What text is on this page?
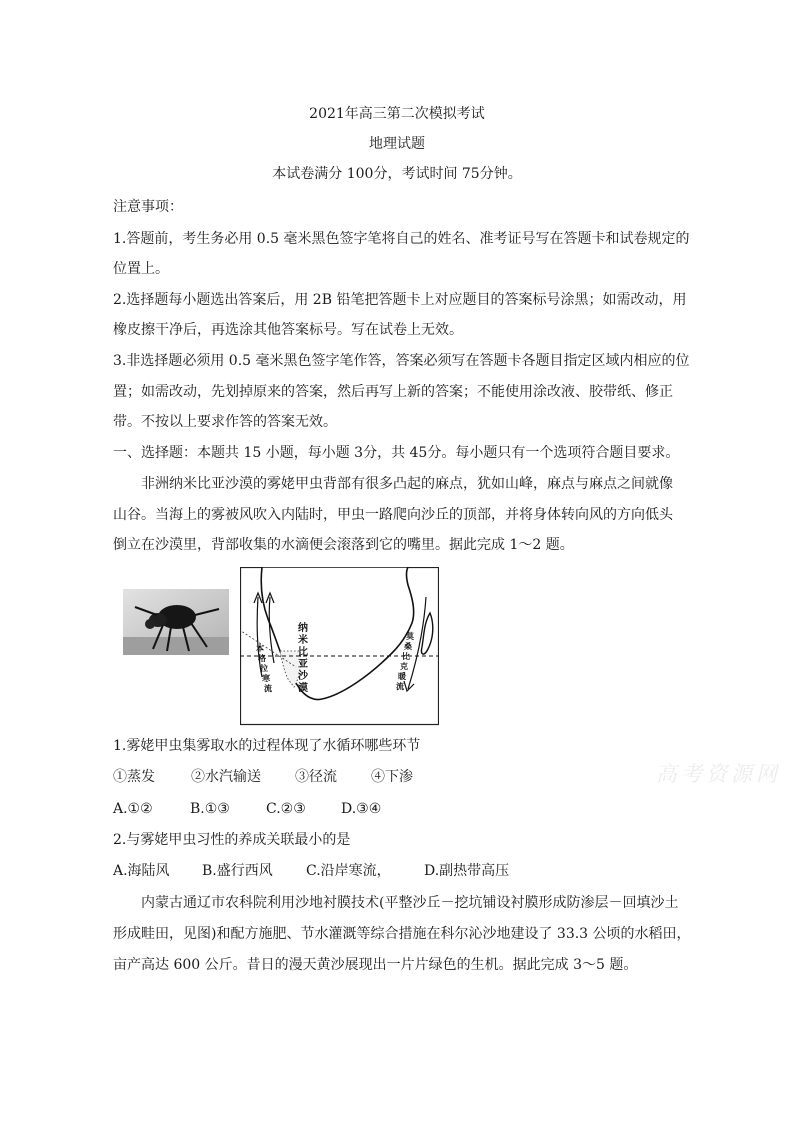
2021年高三第二次模拟考试
地理试题
本试卷满分 100分，考试时间 75分钟。
注意事项：
1.答题前，考生务必用 0.5 毫米黑色签字笔将自己的姓名、准考证号写在答题卡和试卷规定的
位置上。
2.选择题每小题选出答案后，用 2B 铅笔把答题卡上对应题目的答案标号涂黑；如需改动，用
橡皮擦干净后，再选涂其他答案标号。写在试卷上无效。
3.非选择题必须用 0.5 毫米黑色签字笔作答，答案必须写在答题卡各题目指定区域内相应的位
置；如需改动，先划掉原来的答案，然后再写上新的答案；不能使用涂改液、胶带纸、修正
带。不按以上要求作答的答案无效。
一、选择题：本题共 15 小题，每小题 3分，共 45分。每小题只有一个选项符合题目要求。
非洲纳米比亚沙漠的雾姥甲虫背部有很多凸起的麻点，犹如山峰，麻点与麻点之间就像
山谷。当海上的雾被风吹入内陆时，甲虫一路爬向沙丘的顶部，并将身体转向风的方向低头
倒立在沙漠里，背部收集的水滴便会滚落到它的嘴里。据此完成 1～2 题。
纳
米
比
亚
沙
漠
本
格
拉
寒
流
莫
桑
比
克
暖
流
1.雾姥甲虫集雾取水的过程体现了水循环哪些环节
①蒸发	②水汽输送 ③径流 ④下渗
A.①②	B.①③	C.②③	D.③④
2.与雾姥甲虫习性的养成关联最小的是
A.海陆风 B.盛行西风 C.沿岸寒流， D.副热带高压
内蒙古通辽市农科院利用沙地衬膜技术(平整沙丘－挖坑铺设衬膜形成防渗层－回填沙土
形成畦田，见图)和配方施肥、节水灌溉等综合措施在科尔沁沙地建设了 33.3 公顷的水稻田，
亩产高达 600 公斤。昔日的漫天黄沙展现出一片片绿色的生机。据此完成 3～5 题。
高考资源网
